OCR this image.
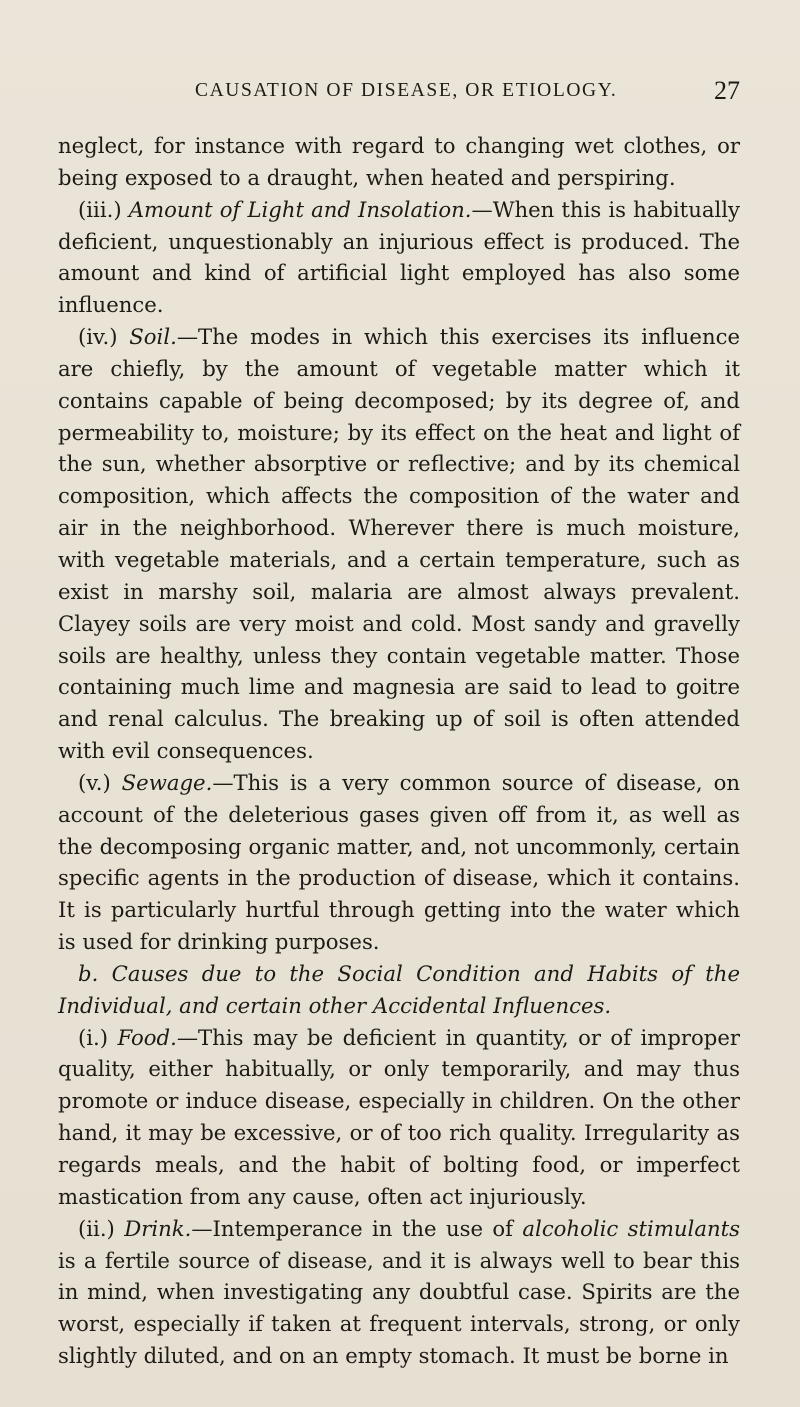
CAUSATION OF DISEASE, OR ETIOLOGY.	27

neglect, for instance with regard to changing wet clothes, or being exposed to a draught, when heated and perspiring.

(iii.) Amount of Light and Insolation.—When this is habitually deficient, unquestionably an injurious effect is produced. The amount and kind of artificial light employed has also some influence.

(iv.) Soil.—The modes in which this exercises its influence are chiefly, by the amount of vegetable matter which it contains capable of being decomposed; by its degree of, and permeability to, moisture; by its effect on the heat and light of the sun, whether absorptive or reflective; and by its chemical composition, which affects the composition of the water and air in the neighborhood. Wherever there is much moisture, with vegetable materials, and a certain temperature, such as exist in marshy soil, malaria are almost always prevalent. Clayey soils are very moist and cold. Most sandy and gravelly soils are healthy, unless they contain vegetable matter. Those containing much lime and magnesia are said to lead to goitre and renal calculus. The breaking up of soil is often attended with evil consequences.

(v.) Sewage.—This is a very common source of disease, on account of the deleterious gases given off from it, as well as the decomposing organic matter, and, not uncommonly, certain specific agents in the production of disease, which it contains. It is particularly hurtful through getting into the water which is used for drinking purposes.

b. Causes due to the Social Condition and Habits of the Individual, and certain other Accidental Influences.

(i.) Food.—This may be deficient in quantity, or of improper quality, either habitually, or only temporarily, and may thus promote or induce disease, especially in children. On the other hand, it may be excessive, or of too rich quality. Irregularity as regards meals, and the habit of bolting food, or imperfect mastication from any cause, often act injuriously.

(ii.) Drink.—Intemperance in the use of alcoholic stimulants is a fertile source of disease, and it is always well to bear this in mind, when investigating any doubtful case. Spirits are the worst, especially if taken at frequent intervals, strong, or only slightly diluted, and on an empty stomach. It must be borne in
